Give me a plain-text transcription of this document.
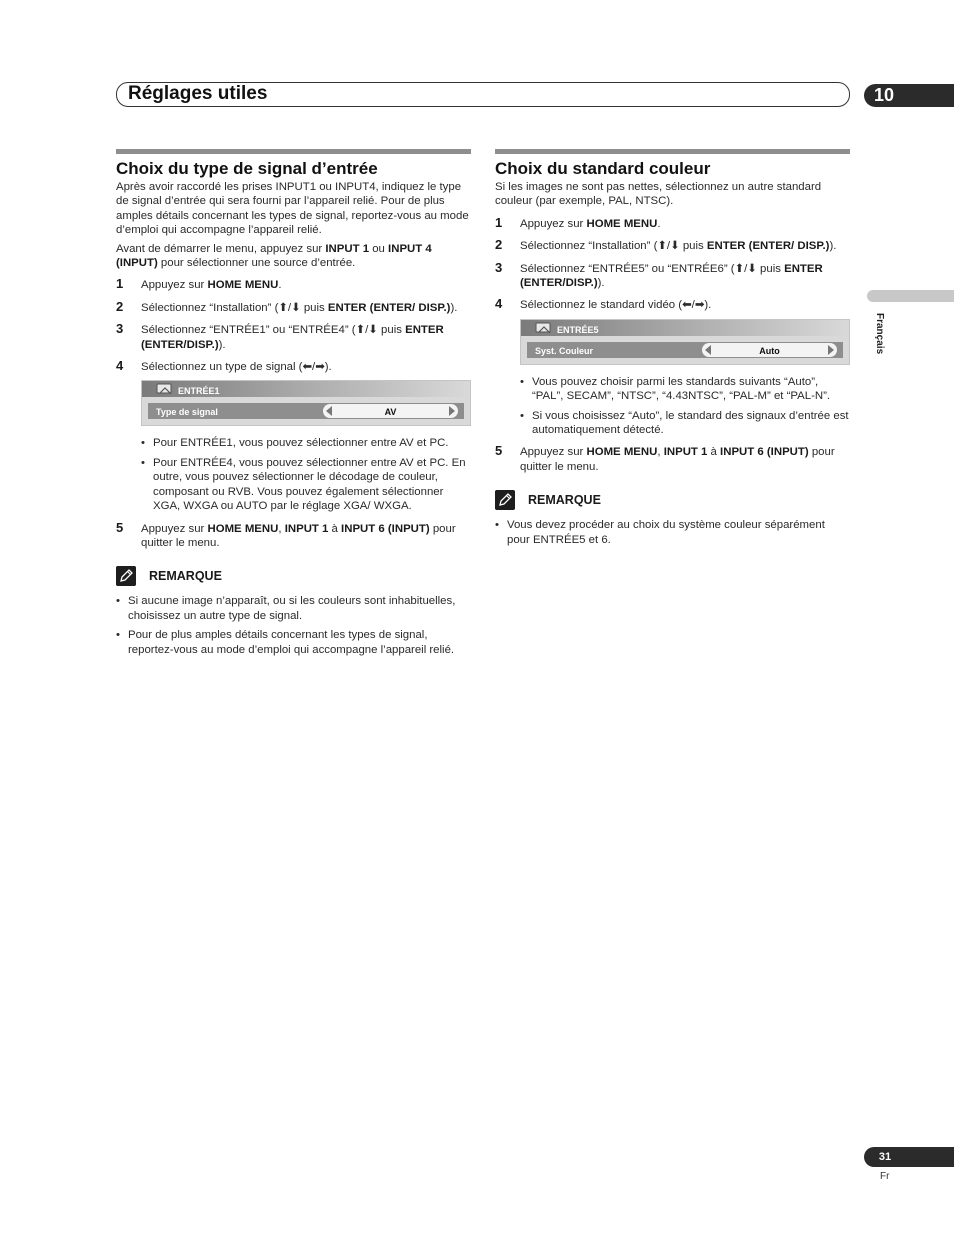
Réglages utiles	10
Français
Choix du type de signal d’entrée

Après avoir raccordé les prises INPUT1 ou INPUT4, indiquez le type de signal d’entrée qui sera fourni par l’appareil relié. Pour de plus amples détails concernant les types de signal, reportez-vous au mode d’emploi qui accompagne l’appareil relié.

Avant de démarrer le menu, appuyez sur INPUT 1 ou INPUT 4 (INPUT) pour sélectionner une source d’entrée.

1 Appuyez sur HOME MENU.
2 Sélectionnez “Installation” (⬆/⬇ puis ENTER (ENTER/ DISP.)).
3 Sélectionnez “ENTRÉE1” ou “ENTRÉE4” (⬆/⬇ puis ENTER (ENTER/DISP.)).
4 Sélectionnez un type de signal (⬅/➡).
ENTRÉE1
Type de signal	AV
• Pour ENTRÉE1, vous pouvez sélectionner entre AV et PC.
• Pour ENTRÉE4, vous pouvez sélectionner entre AV et PC. En outre, vous pouvez sélectionner le décodage de couleur, composant ou RVB. Vous pouvez également sélectionner XGA, WXGA ou AUTO par le réglage XGA/ WXGA.
5 Appuyez sur HOME MENU, INPUT 1 à INPUT 6 (INPUT) pour quitter le menu.
REMARQUE
• Si aucune image n’apparaît, ou si les couleurs sont inhabituelles, choisissez un autre type de signal.
• Pour de plus amples détails concernant les types de signal, reportez-vous au mode d’emploi qui accompagne l’appareil relié.
Choix du standard couleur

Si les images ne sont pas nettes, sélectionnez un autre standard couleur (par exemple, PAL, NTSC).

1 Appuyez sur HOME MENU.
2 Sélectionnez “Installation” (⬆/⬇ puis ENTER (ENTER/ DISP.)).
3 Sélectionnez “ENTRÉE5” ou “ENTRÉE6” (⬆/⬇ puis ENTER (ENTER/DISP.)).
4 Sélectionnez le standard vidéo (⬅/➡).
ENTRÉE5
Syst. Couleur	Auto
• Vous pouvez choisir parmi les standards suivants “Auto”, “PAL”, SECAM”, “NTSC”, “4.43NTSC”, “PAL-M” et “PAL-N”.
• Si vous choisissez “Auto”, le standard des signaux d’entrée est automatiquement détecté.
5 Appuyez sur HOME MENU, INPUT 1 à INPUT 6 (INPUT) pour quitter le menu.
REMARQUE
• Vous devez procéder au choix du système couleur séparément pour ENTRÉE5 et 6.
31
Fr
